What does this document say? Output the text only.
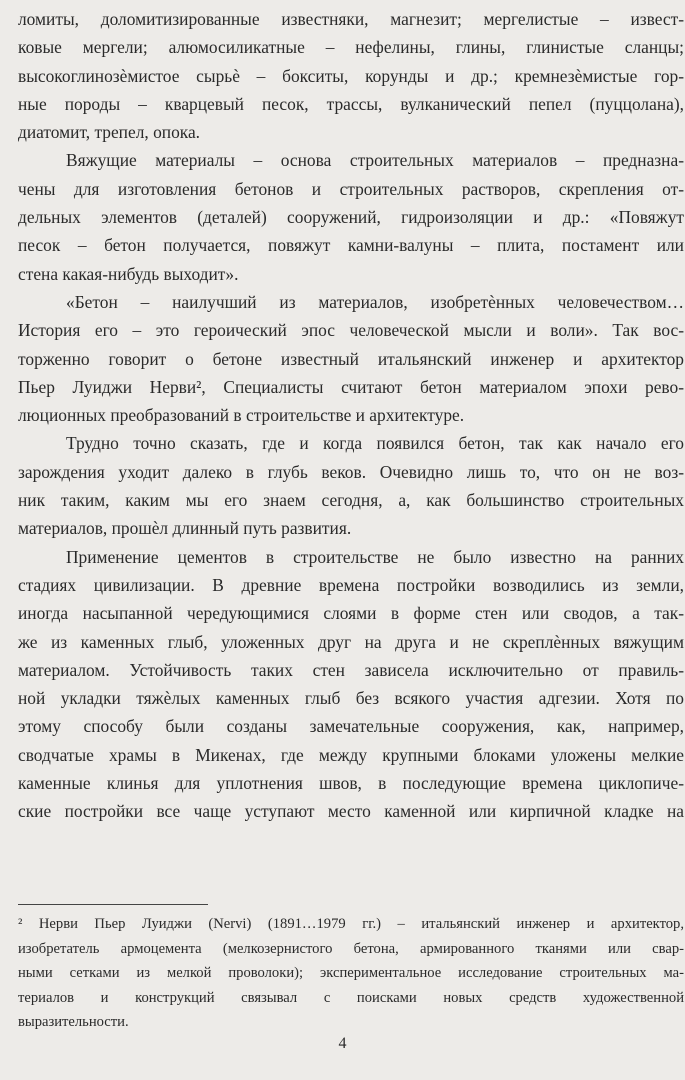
ломиты, доломитизированные известняки, магнезит; мергелистые – извест-
ковые мергели; алюмосиликатные – нефелины, глины, глинистые сланцы;
высокоглинозѐмистое сырьѐ – бокситы, корунды и др.; кремнезѐмистые гор-
ные породы – кварцевый песок, трассы, вулканический пепел (пуццолана),
диатомит, трепел, опока.
Вяжущие материалы – основа строительных материалов – предназна-
чены для изготовления бетонов и строительных растворов, скрепления от-
дельных элементов (деталей) сооружений, гидроизоляции и др.: «Повяжут
песок – бетон получается, повяжут камни-валуны – плита, постамент или
стена какая-нибудь выходит».
«Бетон – наилучший из материалов, изобретѐнных человечеством…
История его – это героический эпос человеческой мысли и воли». Так вос-
торженно говорит о бетоне известный итальянский инженер и архитектор
Пьер Луиджи Нерви², Специалисты считают бетон материалом эпохи рево-
люционных преобразований в строительстве и архитектуре.
Трудно точно сказать, где и когда появился бетон, так как начало его
зарождения уходит далеко в глубь веков. Очевидно лишь то, что он не воз-
ник таким, каким мы его знаем сегодня, а, как большинство строительных
материалов, прошѐл длинный путь развития.
Применение цементов в строительстве не было известно на ранних
стадиях цивилизации. В древние времена постройки возводились из земли,
иногда насыпанной чередующимися слоями в форме стен или сводов, а так-
же из каменных глыб, уложенных друг на друга и не скреплѐнных вяжущим
материалом. Устойчивость таких стен зависела исключительно от правиль-
ной укладки тяжѐлых каменных глыб без всякого участия адгезии. Хотя по
этому способу были созданы замечательные сооружения, как, например,
сводчатые храмы в Микенах, где между крупными блоками уложены мелкие
каменные клинья для уплотнения швов, в последующие времена циклопиче-
ские постройки все чаще уступают место каменной или кирпичной кладке на
² Нерви Пьер Луиджи (Nervi) (1891…1979 гг.) – итальянский инженер и архитектор,
изобретатель армоцемента (мелкозернистого бетона, армированного тканями или свар-
ными сетками из мелкой проволоки); экспериментальное исследование строительных ма-
териалов и конструкций связывал с поисками новых средств художественной
выразительности.
4
